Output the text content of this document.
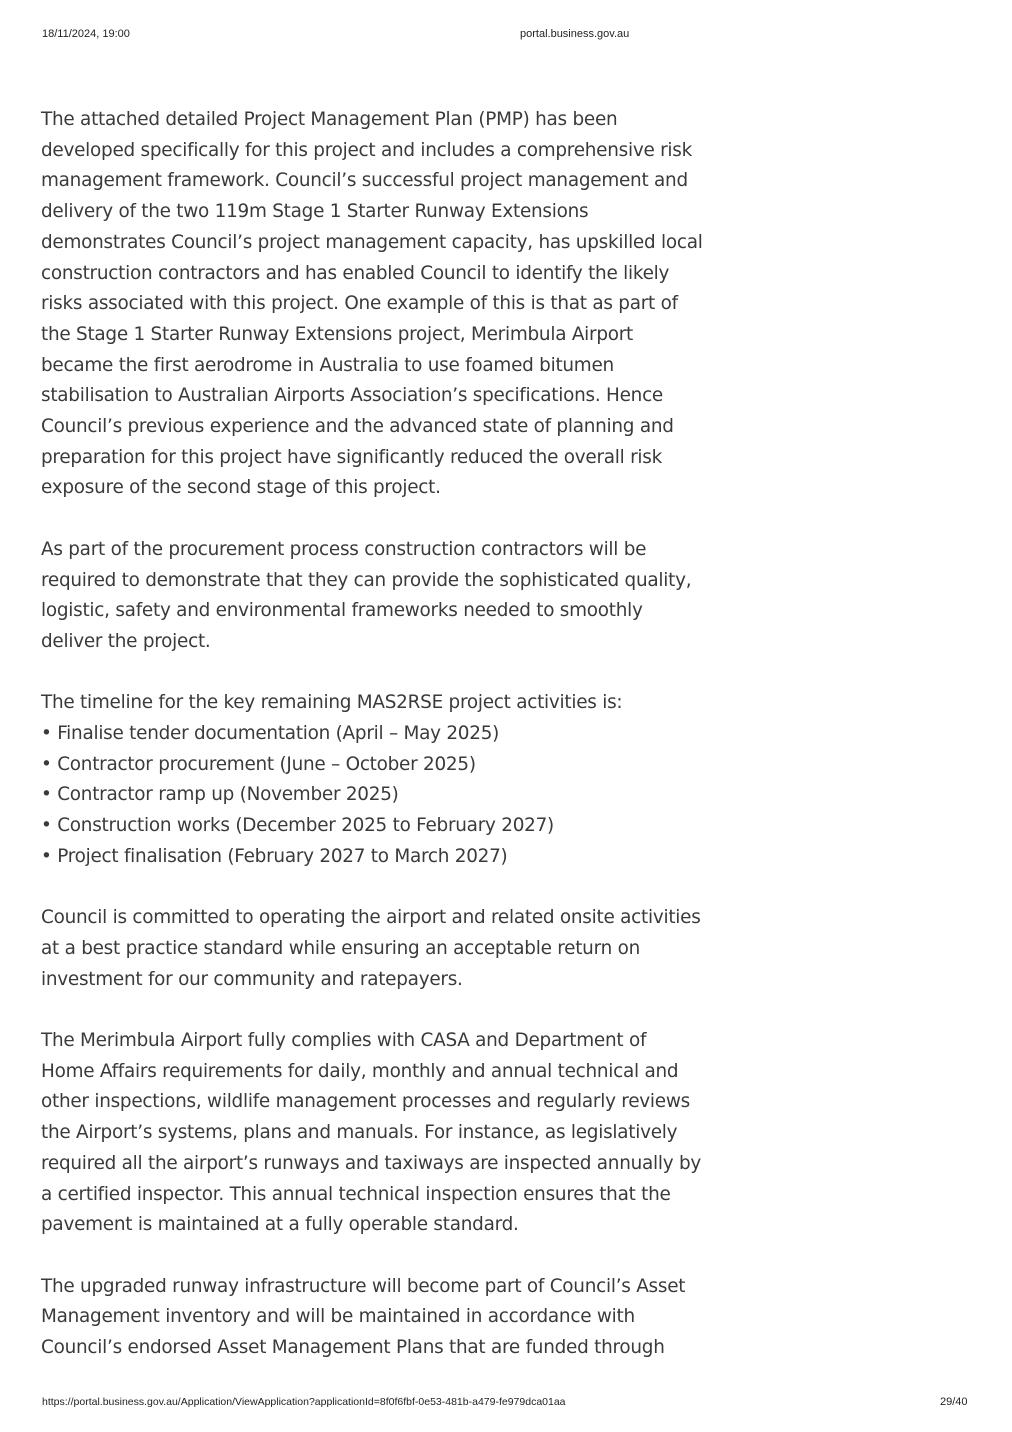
18/11/2024, 19:00	portal.business.gov.au
The attached detailed Project Management Plan (PMP) has been
developed specifically for this project and includes a comprehensive risk
management framework. Council’s successful project management and
delivery of the two 119m Stage 1 Starter Runway Extensions
demonstrates Council’s project management capacity, has upskilled local
construction contractors and has enabled Council to identify the likely
risks associated with this project. One example of this is that as part of
the Stage 1 Starter Runway Extensions project, Merimbula Airport
became the first aerodrome in Australia to use foamed bitumen
stabilisation to Australian Airports Association’s specifications. Hence
Council’s previous experience and the advanced state of planning and
preparation for this project have significantly reduced the overall risk
exposure of the second stage of this project.
As part of the procurement process construction contractors will be
required to demonstrate that they can provide the sophisticated quality,
logistic, safety and environmental frameworks needed to smoothly
deliver the project.
The timeline for the key remaining MAS2RSE project activities is:
• Finalise tender documentation (April – May 2025)
• Contractor procurement (June – October 2025)
• Contractor ramp up (November 2025)
• Construction works (December 2025 to February 2027)
• Project finalisation (February 2027 to March 2027)
Council is committed to operating the airport and related onsite activities
at a best practice standard while ensuring an acceptable return on
investment for our community and ratepayers.
The Merimbula Airport fully complies with CASA and Department of
Home Affairs requirements for daily, monthly and annual technical and
other inspections, wildlife management processes and regularly reviews
the Airport’s systems, plans and manuals. For instance, as legislatively
required all the airport’s runways and taxiways are inspected annually by
a certified inspector. This annual technical inspection ensures that the
pavement is maintained at a fully operable standard.
The upgraded runway infrastructure will become part of Council’s Asset
Management inventory and will be maintained in accordance with
Council’s endorsed Asset Management Plans that are funded through
https://portal.business.gov.au/Application/ViewApplication?applicationId=8f0f6fbf-0e53-481b-a479-fe979dca01aa	29/40
